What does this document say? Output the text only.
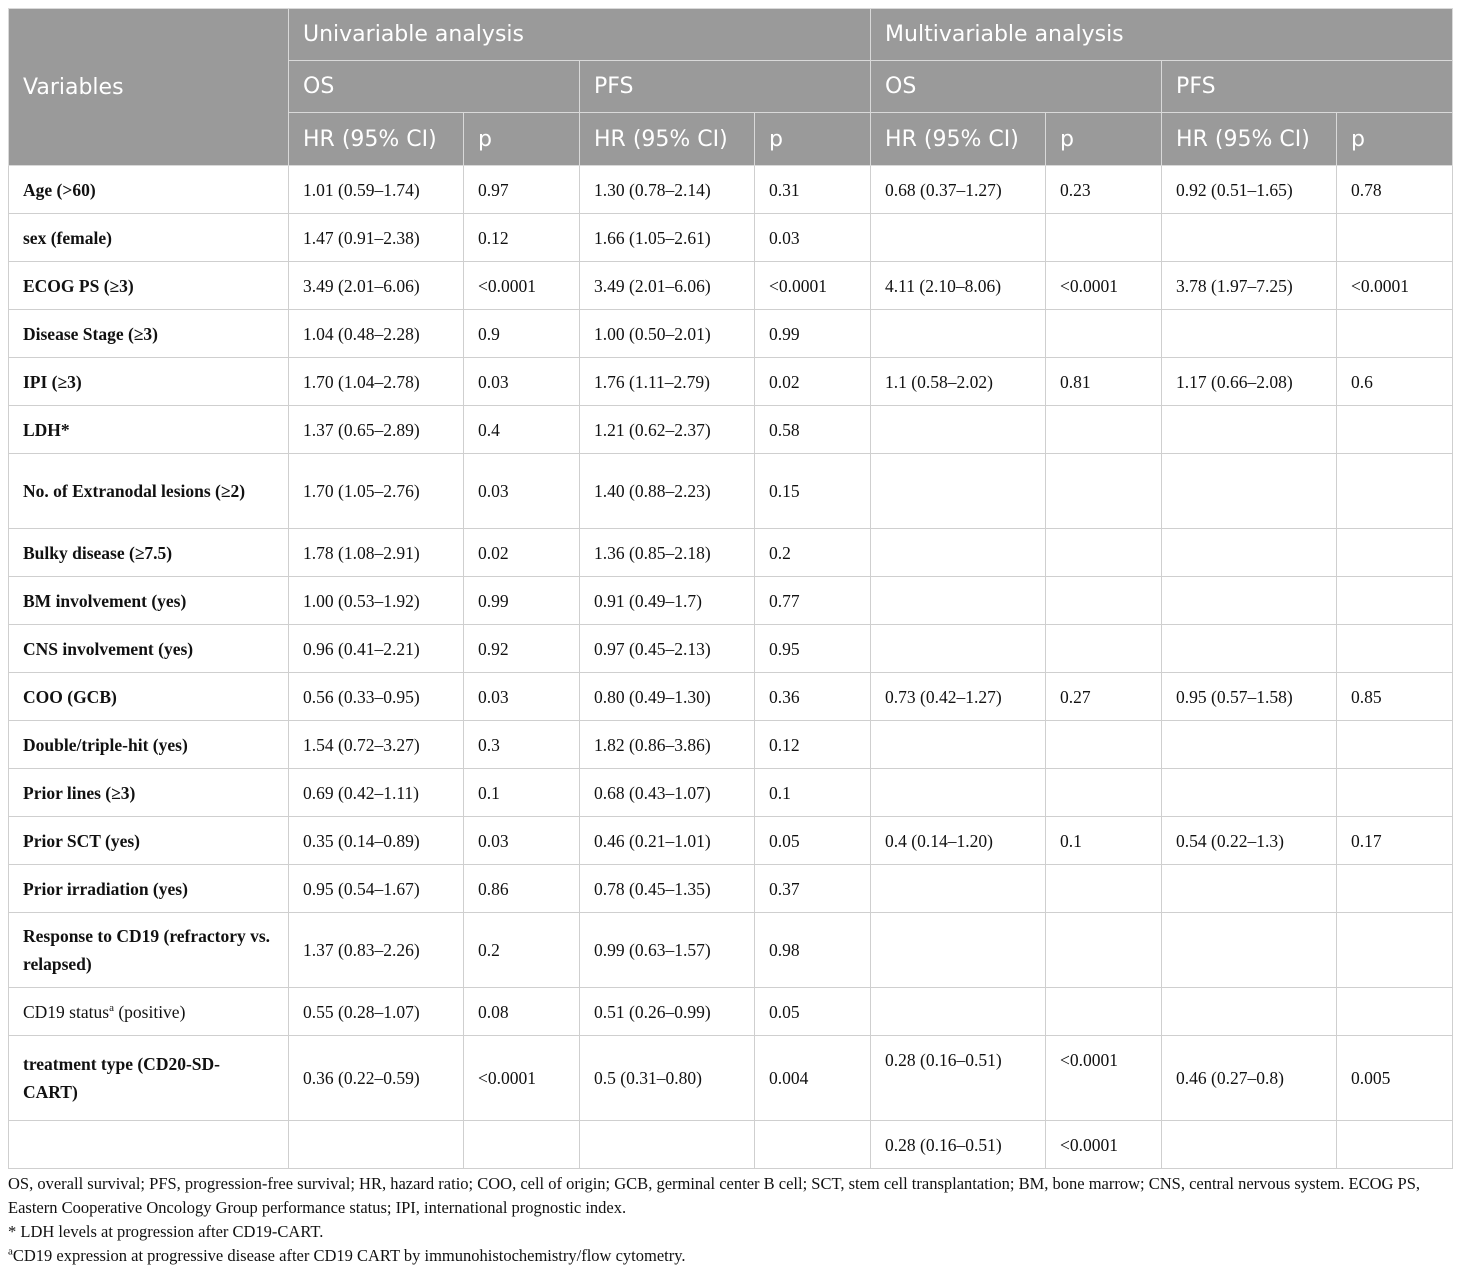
Variables	Univariable analysis				Multivariable analysis			
	OS		PFS		OS		PFS	
	HR (95% CI)	p	HR (95% CI)	p	HR (95% CI)	p	HR (95% CI)	p
Age (>60)	1.01 (0.59–1.74)	0.97	1.30 (0.78–2.14)	0.31	0.68 (0.37–1.27)	0.23	0.92 (0.51–1.65)	0.78
sex (female)	1.47 (0.91–2.38)	0.12	1.66 (1.05–2.61)	0.03				
ECOG PS (≥3)	3.49 (2.01–6.06)	<0.0001	3.49 (2.01–6.06)	<0.0001	4.11 (2.10–8.06)	<0.0001	3.78 (1.97–7.25)	<0.0001
Disease Stage (≥3)	1.04 (0.48–2.28)	0.9	1.00 (0.50–2.01)	0.99				
IPI (≥3)	1.70 (1.04–2.78)	0.03	1.76 (1.11–2.79)	0.02	1.1 (0.58–2.02)	0.81	1.17 (0.66–2.08)	0.6
LDH*	1.37 (0.65–2.89)	0.4	1.21 (0.62–2.37)	0.58				
No. of Extranodal lesions (≥2)	1.70 (1.05–2.76)	0.03	1.40 (0.88–2.23)	0.15				
Bulky disease (≥7.5)	1.78 (1.08–2.91)	0.02	1.36 (0.85–2.18)	0.2				
BM involvement (yes)	1.00 (0.53–1.92)	0.99	0.91 (0.49–1.7)	0.77				
CNS involvement (yes)	0.96 (0.41–2.21)	0.92	0.97 (0.45–2.13)	0.95				
COO (GCB)	0.56 (0.33–0.95)	0.03	0.80 (0.49–1.30)	0.36	0.73 (0.42–1.27)	0.27	0.95 (0.57–1.58)	0.85
Double/triple-hit (yes)	1.54 (0.72–3.27)	0.3	1.82 (0.86–3.86)	0.12				
Prior lines (≥3)	0.69 (0.42–1.11)	0.1	0.68 (0.43–1.07)	0.1				
Prior SCT (yes)	0.35 (0.14–0.89)	0.03	0.46 (0.21–1.01)	0.05	0.4 (0.14–1.20)	0.1	0.54 (0.22–1.3)	0.17
Prior irradiation (yes)	0.95 (0.54–1.67)	0.86	0.78 (0.45–1.35)	0.37				
Response to CD19 (refractory vs. relapsed)	1.37 (0.83–2.26)	0.2	0.99 (0.63–1.57)	0.98				
CD19 status$^a$ (positive)	0.55 (0.28–1.07)	0.08	0.51 (0.26–0.99)	0.05				
treatment type (CD20-SD-CART)	0.36 (0.22–0.59)	<0.0001	0.5 (0.31–0.80)	0.004	0.28 (0.16–0.51)	<0.0001	0.46 (0.27–0.8)	0.005
					0.28 (0.16–0.51)	<0.0001		

OS, overall survival; PFS, progression-free survival; HR, hazard ratio; COO, cell of origin; GCB, germinal center B cell; SCT, stem cell transplantation; BM, bone marrow; CNS, central nervous system. ECOG PS, Eastern Cooperative Oncology Group performance status; IPI, international prognostic index.

* LDH levels at progression after CD19-CART.

$^a$CD19 expression at progressive disease after CD19 CART by immunohistochemistry/flow cytometry.
